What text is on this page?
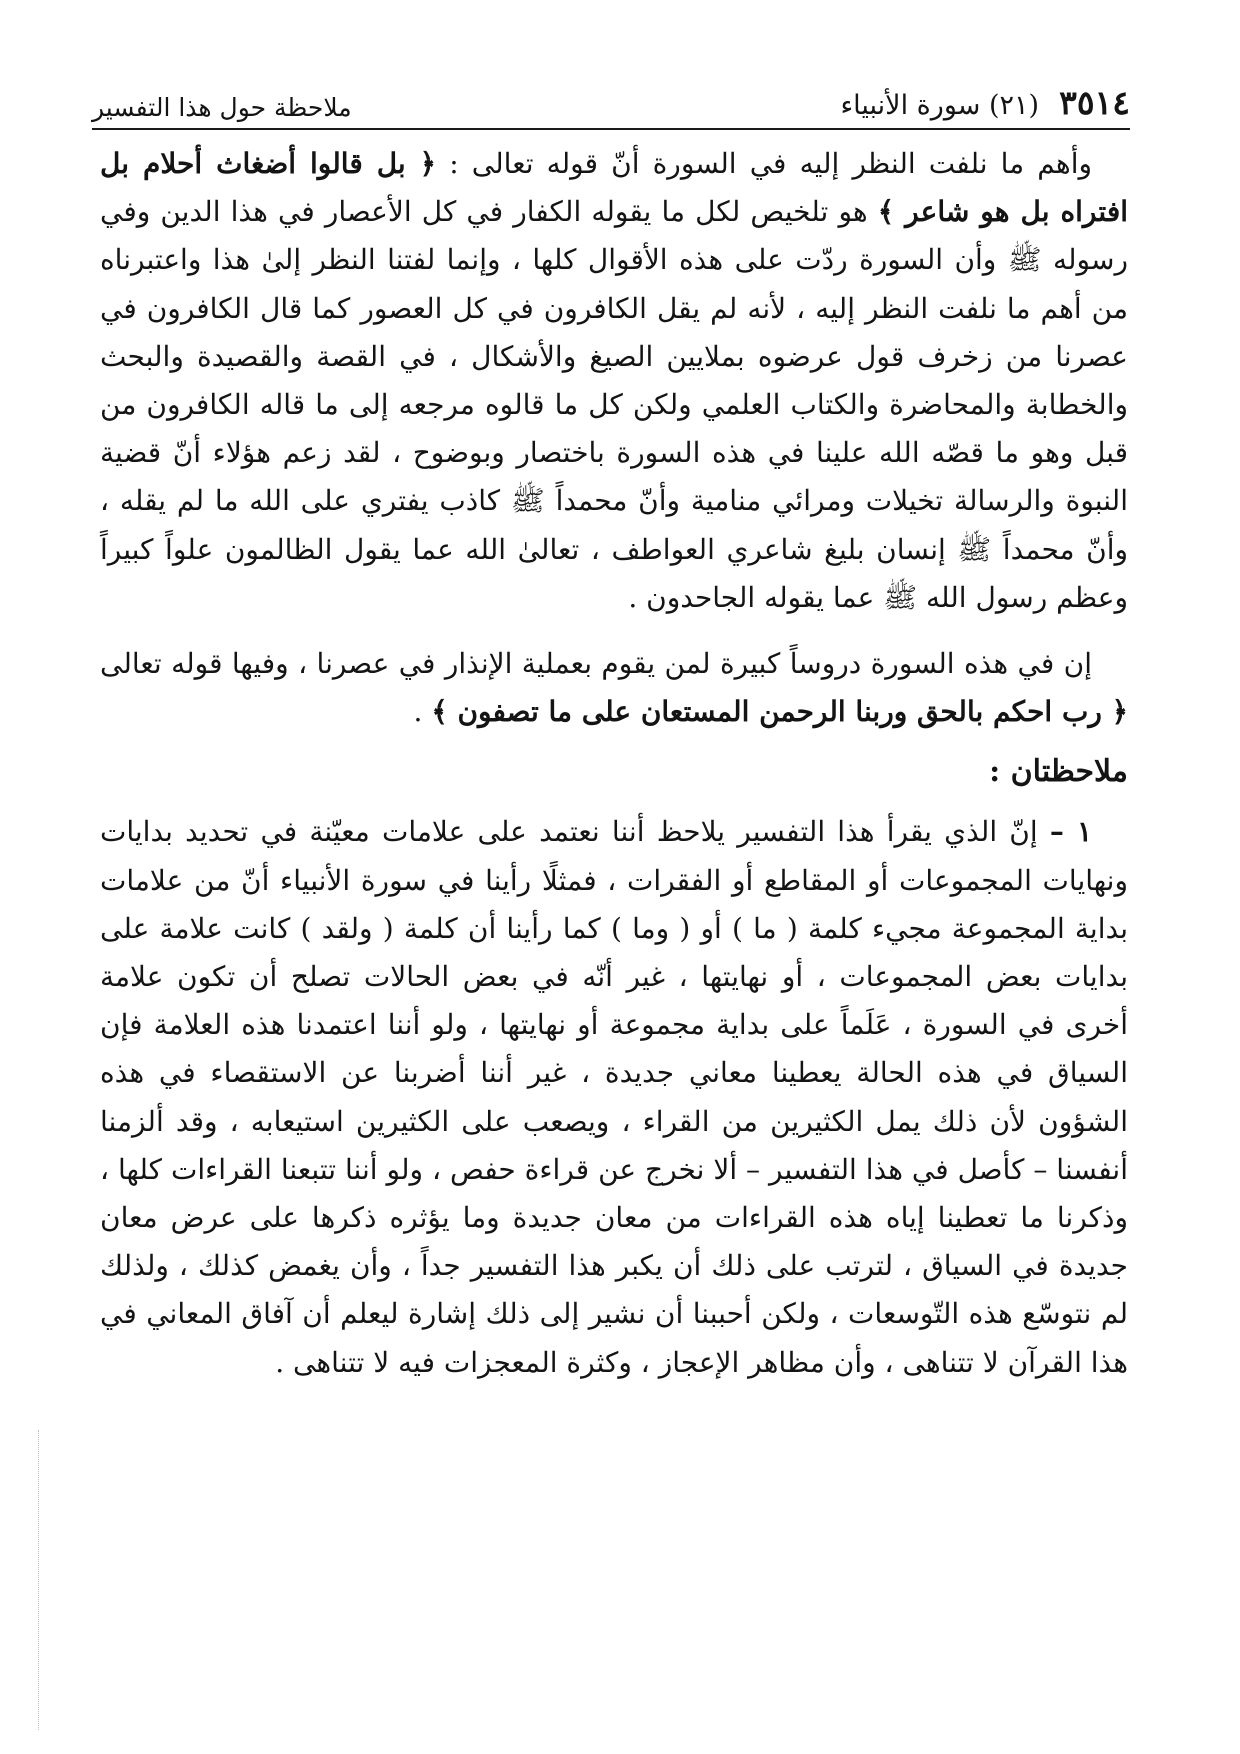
٣٥١٤
(٢١) سورة الأنبياء
ملاحظة حول هذا التفسير

وأهم ما نلفت النظر إليه في السورة أنّ قوله تعالى : ﴿ بل قالوا أضغاث أحلام بل افتراه بل هو شاعر ﴾ هو تلخيص لكل ما يقوله الكفار في كل الأعصار في هذا الدين وفي رسوله ﷺ وأن السورة ردّت على هذه الأقوال كلها ، وإنما لفتنا النظر إلىٰ هذا واعتبرناه من أهم ما نلفت النظر إليه ، لأنه لم يقل الكافرون في كل العصور كما قال الكافرون في عصرنا من زخرف قول عرضوه بملايين الصيغ والأشكال ، في القصة والقصيدة والبحث والخطابة والمحاضرة والكتاب العلمي ولكن كل ما قالوه مرجعه إلى ما قاله الكافرون من قبل وهو ما قصّه الله علينا في هذه السورة باختصار وبوضوح ، لقد زعم هؤلاء أنّ قضية النبوة والرسالة تخيلات ومرائي منامية وأنّ محمداً ﷺ كاذب يفتري على الله ما لم يقله ، وأنّ محمداً ﷺ إنسان بليغ شاعري العواطف ، تعالىٰ الله عما يقول الظالمون علواً كبيراً وعظم رسول الله ﷺ عما يقوله الجاحدون .

إن في هذه السورة دروساً كبيرة لمن يقوم بعملية الإنذار في عصرنا ، وفيها قوله تعالى ﴿ رب احكم بالحق وربنا الرحمن المستعان على ما تصفون ﴾ .

ملاحظتان :

١ – إنّ الذي يقرأ هذا التفسير يلاحظ أننا نعتمد على علامات معيّنة في تحديد بدايات ونهايات المجموعات أو المقاطع أو الفقرات ، فمثلًا رأينا في سورة الأنبياء أنّ من علامات بداية المجموعة مجيء كلمة ( ما ) أو ( وما ) كما رأينا أن كلمة ( ولقد ) كانت علامة على بدايات بعض المجموعات ، أو نهايتها ، غير أنّه في بعض الحالات تصلح أن تكون علامة أخرى في السورة ، عَلَماً على بداية مجموعة أو نهايتها ، ولو أننا اعتمدنا هذه العلامة فإن السياق في هذه الحالة يعطينا معاني جديدة ، غير أننا أضربنا عن الاستقصاء في هذه الشؤون لأن ذلك يمل الكثيرين من القراء ، ويصعب على الكثيرين استيعابه ، وقد ألزمنا أنفسنا – كأصل في هذا التفسير – ألا نخرج عن قراءة حفص ، ولو أننا تتبعنا القراءات كلها ، وذكرنا ما تعطينا إياه هذه القراءات من معان جديدة وما يؤثره ذكرها على عرض معان جديدة في السياق ، لترتب على ذلك أن يكبر هذا التفسير جداً ، وأن يغمض كذلك ، ولذلك لم نتوسّع هذه التّوسعات ، ولكن أحببنا أن نشير إلى ذلك إشارة ليعلم أن آفاق المعاني في هذا القرآن لا تتناهى ، وأن مظاهر الإعجاز ، وكثرة المعجزات فيه لا تتناهى .
